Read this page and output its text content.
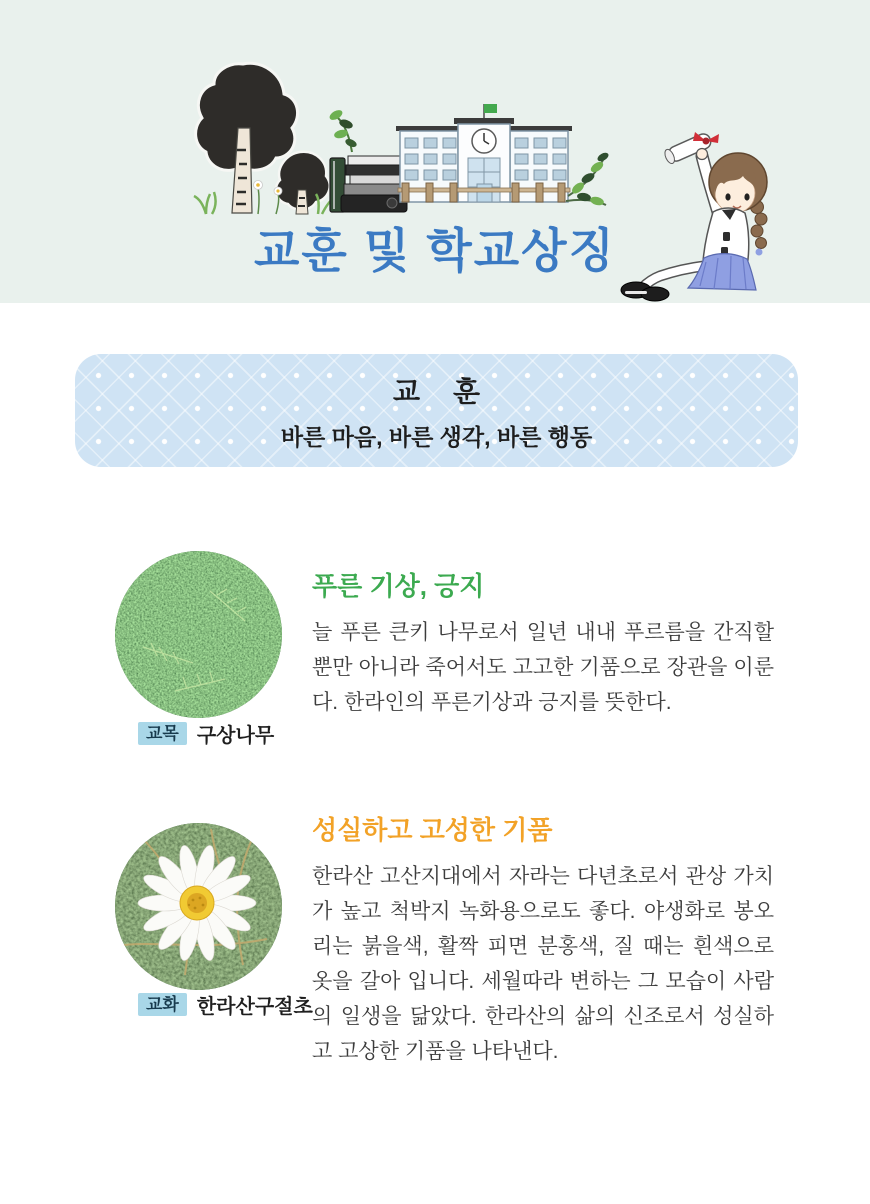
교훈 및 학교상징
교 훈
바른 마음, 바른 생각, 바른 행동
교목 구상나무
푸른 기상, 긍지

늘 푸른 큰키 나무로서 일년 내내 푸르름을 간직할 뿐만 아니라 죽어서도 고고한 기품으로 장관을 이룬다. 한라인의 푸른기상과 긍지를 뜻한다.

교화 한라산구절초
성실하고 고성한 기품

한라산 고산지대에서 자라는 다년초로서 관상 가치가 높고 척박지 녹화용으로도 좋다. 야생화로 봉오리는 붉을색, 활짝 피면 분홍색, 질 때는 흰색으로 옷을 갈아 입니다. 세월따라 변하는 그 모습이 사람의 일생을 닮았다. 한라산의 삶의 신조로서 성실하고 고상한 기품을 나타낸다.
